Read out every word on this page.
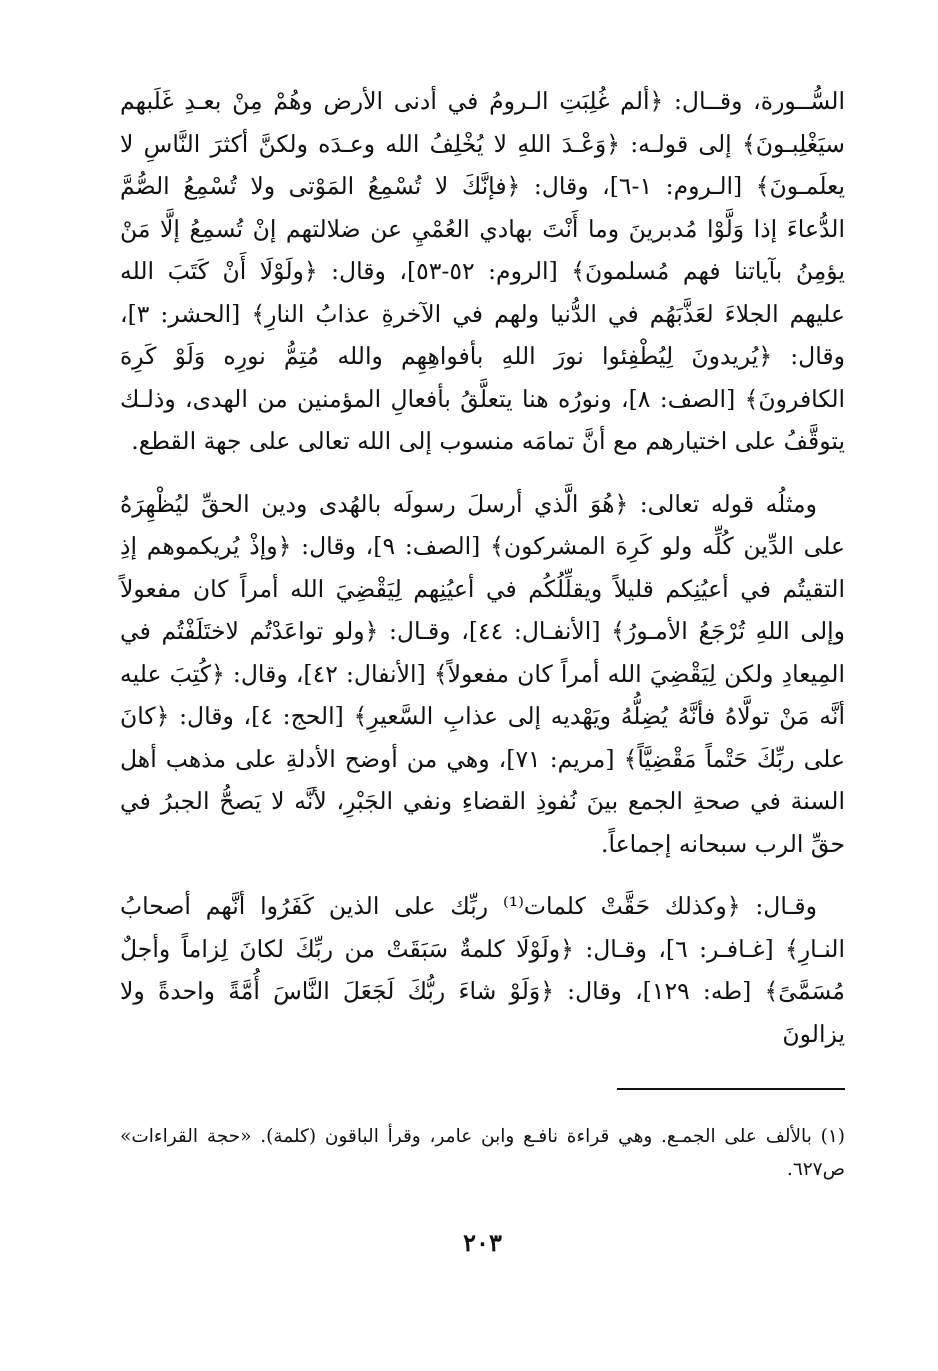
السُّــورة، وقــال: ﴿ألم غُلِبَتِ الـرومُ في أدنى الأرض وهُمْ مِنْ بعـدِ غَلَبهم سيَغْلِبـونَ﴾ إلى قولـه: ﴿وَعْـدَ اللهِ لا يُخْلِفُ الله وعـدَه ولكنَّ أكثرَ النَّاسِ لا يعلَمـونَ﴾ [الـروم: ١-٦]، وقال: ﴿فإنَّكَ لا تُسْمِعُ المَوْتى ولا تُسْمِعُ الصُّمَّ الدُّعاءَ إذا وَلَّوْا مُدبرينَ وما أَنْتَ بهادي العُمْيِ عن ضلالتهم إنْ تُسمِعُ إلَّا مَنْ يؤمِنُ بآياتنا فهم مُسلمونَ﴾ [الروم: ٥٢-٥٣]، وقال: ﴿ولَوْلَا أَنْ كَتَبَ الله عليهم الجلاءَ لعَذَّبَهُم في الدُّنيا ولهم في الآخرةِ عذابُ النارِ﴾ [الحشر: ٣]، وقال: ﴿يُريدونَ لِيُطْفِئوا نورَ اللهِ بأفواهِهِم والله مُتِمُّ نورِه وَلَوْ كَرِهَ الكافرونَ﴾ [الصف: ٨]، ونورُه هنا يتعلَّقُ بأفعالِ المؤمنين من الهدى، وذلـك يتوقَّفُ على اختيارهم مع أنَّ تمامَه منسوب إلى الله تعالى على جهة القطع.

ومثلُه قوله تعالى: ﴿هُوَ الَّذي أرسلَ رسولَه بالهُدى ودين الحقِّ ليُظْهِرَهُ على الدِّين كُلِّه ولو كَرِهَ المشركون﴾ [الصف: ٩]، وقال: ﴿وإذْ يُريكموهم إذِ التقيتُم في أعيُنِكم قليلاً ويقلِّلُكُم في أعيُنِهم لِيَقْضِيَ الله أمراً كان مفعولاً وإلى اللهِ تُرْجَعُ الأمـورُ﴾ [الأنفـال: ٤٤]، وقـال: ﴿ولو تواعَدْتُم لاختَلَفْتُم في المِيعادِ ولكن لِيَقْضِيَ الله أمراً كان مفعولاً﴾ [الأنفال: ٤٢]، وقال: ﴿كُتِبَ عليه أنَّه مَنْ تولَّاهُ فأنَّهُ يُضِلُّهُ ويَهْديه إلى عذابِ السَّعيرِ﴾ [الحج: ٤]، وقال: ﴿كانَ على ربِّكَ حَتْماً مَقْضِيَّاً﴾ [مريم: ٧١]، وهي من أوضح الأدلةِ على مذهب أهل السنة في صحةِ الجمع بينَ نُفوذِ القضاءِ ونفي الجَبْرِ، لأنَّه لا يَصحُّ الجبرُ في حقِّ الرب سبحانه إجماعاً.

وقـال: ﴿وكذلك حَقَّتْ كلمات⁽¹⁾ ربِّك على الذين كَفَرُوا أنَّهم أصحابُ النـارِ﴾ [غـافـر: ٦]، وقـال: ﴿ولَوْلَا كلمةٌ سَبَقَتْ من ربِّكَ لكانَ لِزاماً وأجلٌ مُسَمَّىً﴾ [طه: ١٢٩]، وقال: ﴿وَلَوْ شاءَ ربُّكَ لَجَعَلَ النَّاسَ أُمَّةً واحدةً ولا يزالونَ

(١) بالألف على الجمـع. وهي قراءة نافـع وابن عامر، وقرأ الباقون (كلمة). «حجة القراءات» ص٦٢٧.

٢٠٣
